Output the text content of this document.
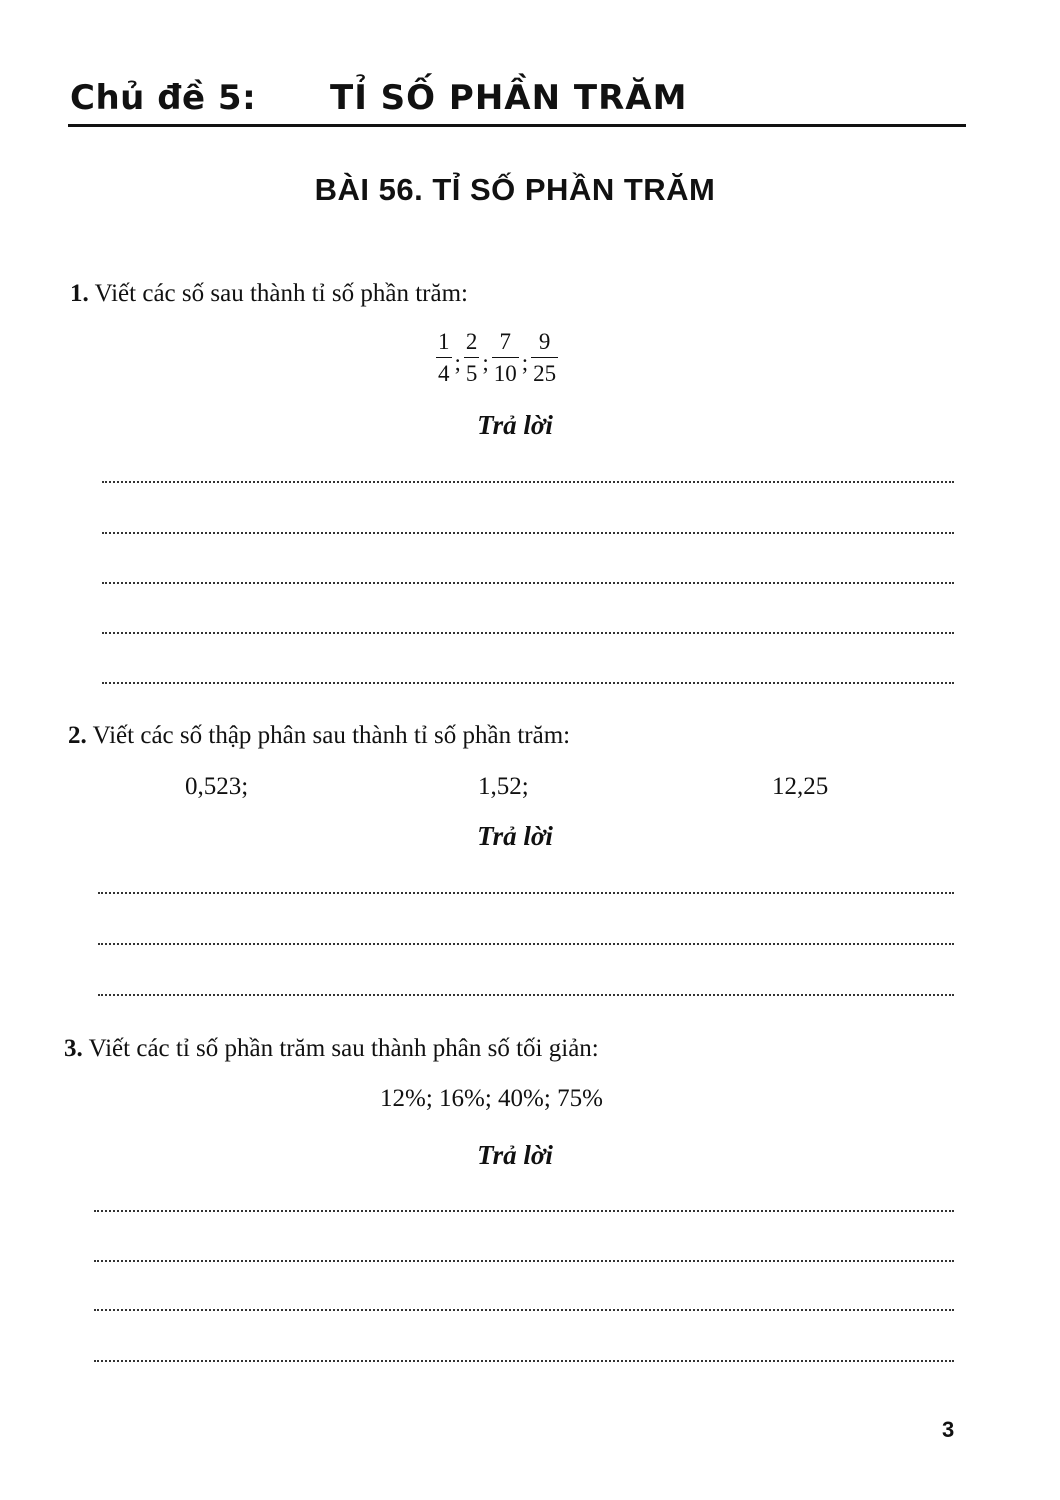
Chủ đề 5: TỈ SỐ PHẦN TRĂM
BÀI 56. TỈ SỐ PHẦN TRĂM
1. Viết các số sau thành tỉ số phần trăm:
$\frac{1}{4}$ ; $\frac{2}{5}$ ; $\frac{7}{10}$ ; $\frac{9}{25}$
Trả lời
2. Viết các số thập phân sau thành tỉ số phần trăm:
0,523;	1,52;	12,25
Trả lời
3. Viết các tỉ số phần trăm sau thành phân số tối giản:
12%; 16%; 40%; 75%
Trả lời
3
